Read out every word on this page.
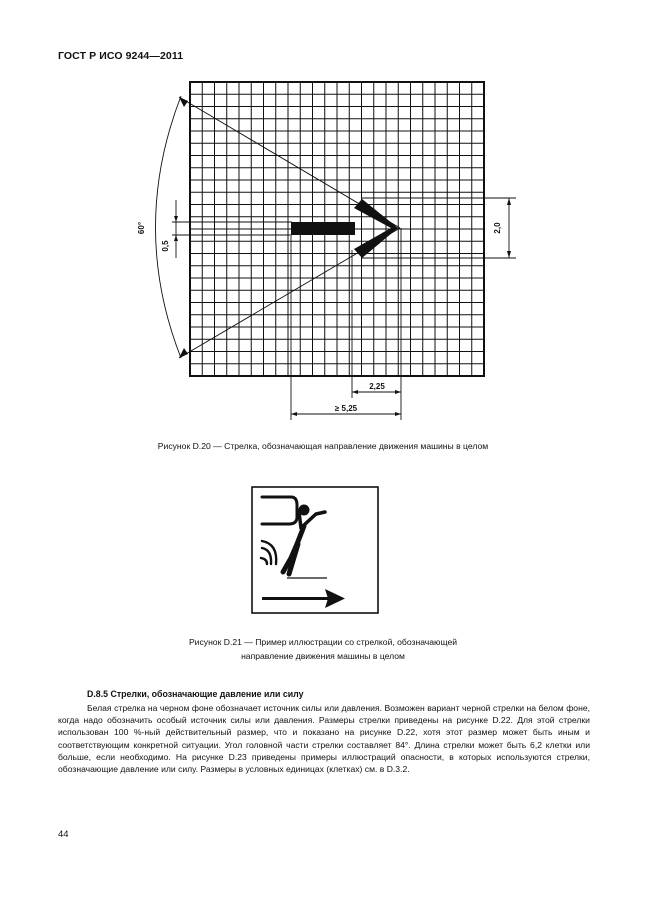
ГОСТ Р ИСО 9244—2011
60°
0,5
2,0
2,25
≥ 5,25
Рисунок D.20 — Стрелка, обозначающая направление движения машины в целом
Рисунок D.21 — Пример иллюстрации со стрелкой, обозначающей
направление движения машины в целом
D.8.5 Стрелки, обозначающие давление или силу
Белая стрелка на черном фоне обозначает источник силы или давления. Возможен вариант черной стрелки на белом фоне, когда надо обозначить особый источник силы или давления. Размеры стрелки приведены на рисунке D.22. Для этой стрелки использован 100 %-ный действительный размер, что и показано на рисунке D.22, хотя этот размер может быть иным и соответствующим конкретной ситуации. Угол головной части стрелки составляет 84°. Длина стрелки может быть 6,2 клетки или больше, если необходимо. На рисунке D.23 приведены примеры иллюстраций опасности, в которых используются стрелки, обозначающие давление или силу. Размеры в условных единицах (клетках) см. в D.3.2.
44
